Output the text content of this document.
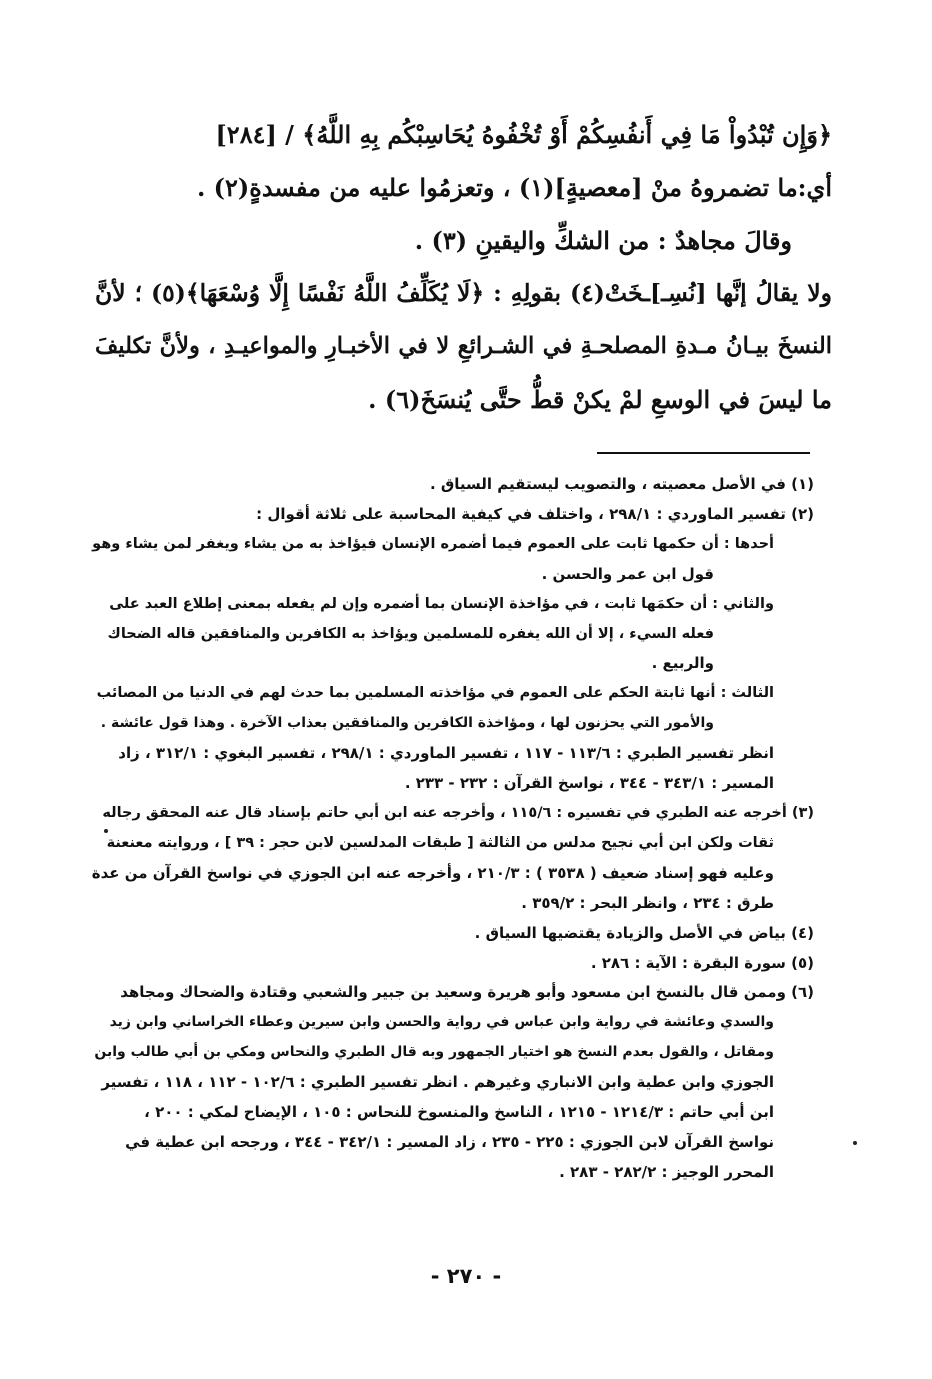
﴿وَإِن تُبْدُواْ مَا فِي أَنفُسِكُمْ أَوْ تُخْفُوهُ يُحَاسِبْكُم بِهِ اللَّهُ﴾ / [٢٨٤]

أي:ما تضمروهُ منْ [معصيةٍ](١) ، وتعزمُوا عليه من مفسدةٍ(٢) .

وقالَ مجاهدٌ : من الشكِّ واليقينِ (٣) .

ولا يقالُ إنَّها [نُسِـ]ـخَتْ(٤) بقولِهِ : ﴿لَا يُكَلِّفُ اللَّهُ نَفْسًا إِلَّا وُسْعَهَا﴾(٥) ؛ لأنَّ

النسخَ بيـانُ مـدةِ المصلحـةِ في الشـرائعِ لا في الأخبـارِ والمواعيـدِ ، ولأنَّ تكليفَ

ما ليسَ في الوسعِ لمْ يكنْ قطُّ حتَّى يُنسَخَ(٦) .

(١) في الأصل معصيته ، والتصويب ليستقيم السياق .

(٢) تفسير الماوردي : ٢٩٨/١ ، واختلف في كيفية المحاسبة على ثلاثة أقوال :

أحدها : أن حكمها ثابت على العموم فيما أضمره الإنسان فيؤاخذ به من يشاء ويغفر لمن يشاء وهو

قول ابن عمر والحسن .

والثاني : أن حكمَها ثابت ، في مؤاخذة الإنسان بما أضمره وإن لم يفعله بمعنى إطلاع العبد على

فعله السيء ، إلا أن الله يغفره للمسلمين ويؤاخذ به الكافرين والمنافقين قاله الضحاك

والربيع .

الثالث : أنها ثابتة الحكم على العموم في مؤاخذته المسلمين بما حدث لهم في الدنيا من المصائب

والأمور التي يحزنون لها ، ومؤاخذة الكافرين والمنافقين بعذاب الآخرة . وهذا قول عائشة .

انظر تفسير الطبري : ١١٣/٦ - ١١٧ ، تفسير الماوردي : ٢٩٨/١ ، تفسير البغوي : ٣١٢/١ ، زاد

المسير : ٣٤٣/١ - ٣٤٤ ، نواسخ القرآن : ٢٣٢ - ٢٣٣ .

(٣) أخرجه عنه الطبري في تفسيره : ١١٥/٦ ، وأخرجه عنه ابن أبي حاتم بإسناد قال عنه المحقق رجاله

ثقات ولكن ابن أبي نجيح مدلس من الثالثة [ طبقات المدلسين لابن حجر : ٣٩ ] ، وروايته معنعنة

وعليه فهو إسناد ضعيف ( ٣٥٣٨ ) : ٢١٠/٣ ، وأخرجه عنه ابن الجوزي في نواسخ القرآن من عدة

طرق : ٢٣٤ ، وانظر البحر : ٣٥٩/٢ .

(٤) بياض في الأصل والزيادة يقتضيها السياق .

(٥) سورة البقرة : الآية : ٢٨٦ .

(٦) وممن قال بالنسخ ابن مسعود وأبو هريرة وسعيد بن جبير والشعبي وقتادة والضحاك ومجاهد

والسدي وعائشة في رواية وابن عباس في رواية والحسن وابن سيرين وعطاء الخراساني وابن زيد

ومقاتل ، والقول بعدم النسخ هو اختيار الجمهور وبه قال الطبري والنحاس ومكي بن أبي طالب وابن

الجوزي وابن عطية وابن الانباري وغيرهم . انظر تفسير الطبري : ١٠٢/٦ - ١١٢ ، ١١٨ ، تفسير

ابن أبي حاتم : ١٢١٤/٣ - ١٢١٥ ، الناسخ والمنسوخ للنحاس : ١٠٥ ، الإيضاح لمكي : ٢٠٠ ،

نواسخ القرآن لابن الجوزي : ٢٢٥ - ٢٣٥ ، زاد المسير : ٣٤٢/١ - ٣٤٤ ، ورجحه ابن عطية في

المحرر الوجيز : ٢٨٢/٢ - ٢٨٣ .

- ٢٧٠ -
